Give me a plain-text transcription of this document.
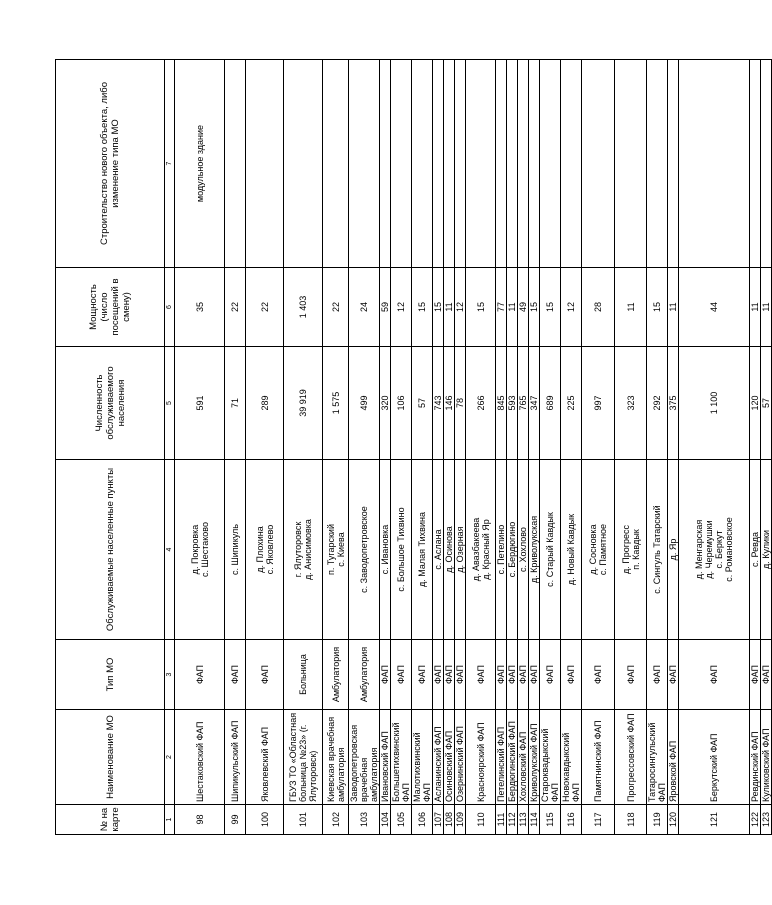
№ на карте	Наименование МО	Тип МО	Обслуживаемые населенные пункты	Численность обслуживаемого населения	Мощность (число посещений в смену)	Строительство нового объекта, либо изменение типа МО
1	2	3	4	5	6	7
98	Шестаковский ФАП	ФАП	д. Покровка с. Шестаково	591	35	модульное здание
99	Шипикульский ФАП	ФАП	с. Шипикуль	71	22	
100	Яковлевский ФАП	ФАП	д. Плохина с. Яковлево	289	22	
101	ГБУЗ ТО «Областная больница №23» (г. Ялуторовск)	Больница	г. Ялуторовск д. Анисимовка	39 919	1 403	
102	Киевская врачебная амбулатория	Амбулатория	п. Тугарский с. Киева	1 575	22	
103	Заводопетровская врачебная амбулатория	Амбулатория	с. Заводопетровское	499	24	
104	Ивановский ФАП	ФАП	с. Ивановка	320	59	
105	Большетихвинский ФАП	ФАП	с. Большое Тихвино	106	12	
106	Малотихвинский ФАП	ФАП	д. Малая Тихвина	57	15	
107	Асланинский ФАП	ФАП	с. Аслана	743	15	
108	Осиновский ФАП	ФАП	д. Осинова	146	11	
109	Озернинский ФАП	ФАП	д. Озерная	78	12	
110	Красноярский ФАП	ФАП	д. Авазбакеева д. Красный Яр	266	15	
111	Петелинский ФАП	ФАП	с. Петелино	845	77	
112	Бердюгинский ФАП	ФАП	с. Бердюгино	593	11	
113	Хохловский ФАП	ФАП	с. Хохлово	765	49	
114	Криволукский ФАП	ФАП	д. Криволукская	347	15	
115	Староквадыкский ФАП	ФАП	с. Старый Кавдык	689	15	
116	Новокавдыкский ФАП	ФАП	д. Новый Кавдык	225	12	
117	Памятнинский ФАП	ФАП	д. Сосновка с. Памятное	997	28	
118	Прогрессовский ФАП	ФАП	д. Прогресс п. Кавдык	323	11	
119	Татаросингульский ФАП	ФАП	с. Сингуль Татарский	292	15	
120	Яровской ФАП	ФАП	д. Яр	375	11	
121	Беркутский ФАП	ФАП	д. Менгарская д. Черемушки с. Беркут с. Романовское	1 100	44	
122	Ревдинский ФАП	ФАП	с. Ревда	120	11	
123	Куликовский ФАП	ФАП	д. Кулики	57	11	
